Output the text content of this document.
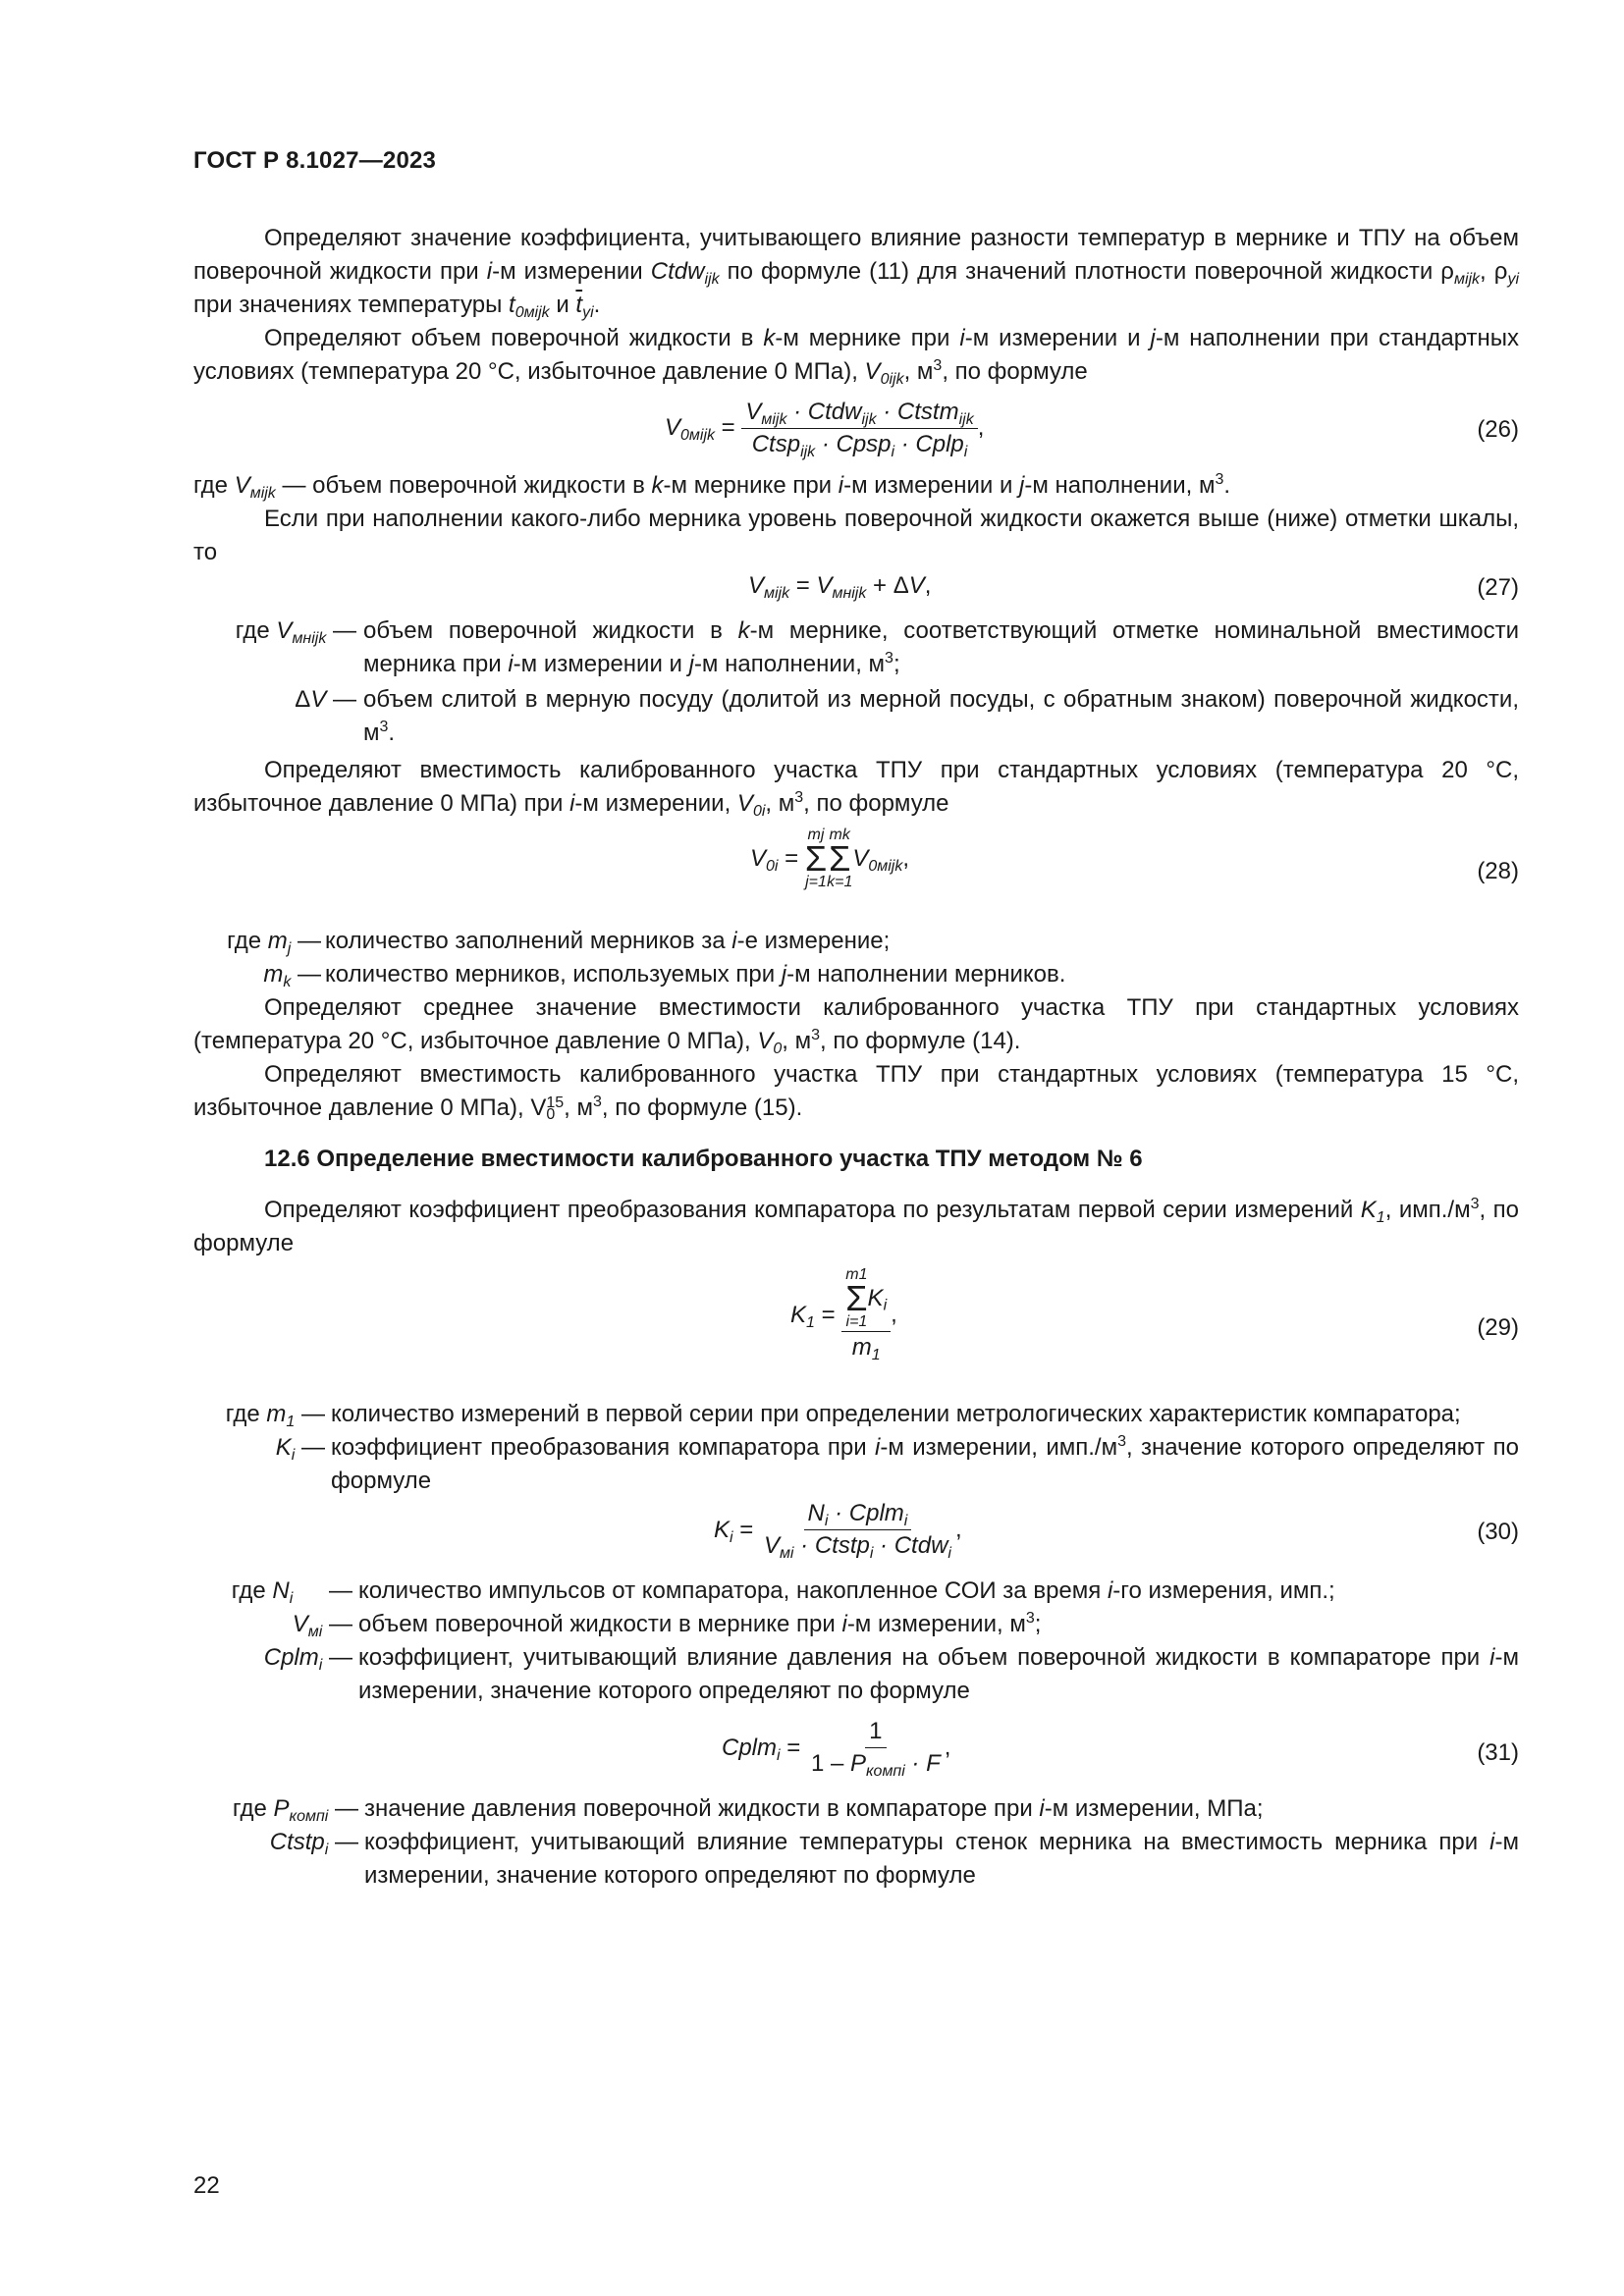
ГОСТ Р 8.1027—2023

Определяют значение коэффициента, учитывающего влияние разности температур в мернике и ТПУ на объем поверочной жидкости при i-м измерении Ctdw$_{ijk}$ по формуле (11) для значений плотности поверочной жидкости $\rho_{мijk}$, $\rho_{yi}$ при значениях температуры $t_{0мijk}$ и $\overline{t}_{yi}$.

Определяют объем поверочной жидкости в k-м мернике при i-м измерении и j-м наполнении при стандартных условиях (температура 20 °С, избыточное давление 0 МПа), $V_{0ijk}$, $м^3$, по формуле

$V_{0мijk} = \frac{V_{мijk} \cdot Ctdw_{ijk} \cdot Ctstm_{ijk}}{Ctsp_{ijk} \cdot Cpsp_i \cdot Cplp_i}$ ,	(26)

где $V_{мijk}$ — объем поверочной жидкости в k-м мернике при i-м измерении и j-м наполнении, $м^3$.

Если при наполнении какого-либо мерника уровень поверочной жидкости окажется выше (ниже) отметки шкалы, то

$V_{мijk} = V_{мнijk} + \Delta V$,	(27)
где $V_{мнijk}$ — объем поверочной жидкости в k-м мернике, соответствующий отметке номинальной вместимости мерника при i-м измерении и j-м наполнении, $м^3$;
ΔV — объем слитой в мерную посуду (долитой из мерной посуды, с обратным знаком) поверочной жидкости, $м^3$.

Определяют вместимость калиброванного участка ТПУ при стандартных условиях (температура 20 °С, избыточное давление 0 МПа) при i-м измерении, $V_{0i}$, $м^3$, по формуле

$V_{0i}$ =
mj
Σ
j=1
mk
Σ
k=1
$V_{0мijk}$,	(28)
где $m_j$ — количество заполнений мерников за i-е измерение;
$m_k$ — количество мерников, используемых при j-м наполнении мерников.

Определяют среднее значение вместимости калиброванного участка ТПУ при стандартных условиях (температура 20 °С, избыточное давление 0 МПа), $V_0$, $м^3$, по формуле (14).

Определяют вместимость калиброванного участка ТПУ при стандартных условиях (температура 15 °С, избыточное давление 0 МПа), V 15
0 , $м^3$, по формуле (15).

12.6 Определение вместимости калиброванного участка ТПУ методом № 6

Определяют коэффициент преобразования компаратора по результатам первой серии измерений $K_1$, $имп./м^3$, по формуле

$K_1 = m1$
Σ
i=1
$K_i$
$m_1$ ,	(29)
где $m_1$ — количество измерений в первой серии при определении метрологических характеристик компаратора;
$K_i$ — коэффициент преобразования компаратора при i-м измерении, $имп./м^3$, значение которого определяют по формуле
$K_i = \frac{N_i \cdot Cplm_i}{V_{мi} \cdot Ctstp_i \cdot Ctdw_i}$ ,	(30)
где $N_i$ — количество импульсов от компаратора, накопленное СОИ за время i-го измерения, имп.;
$V_{мi}$ — объем поверочной жидкости в мернике при i-м измерении, $м^3$;
Cplm$_i$ — коэффициент, учитывающий влияние давления на объем поверочной жидкости в компараторе при i-м измерении, значение которого определяют по формуле
Cplm$_i$ = $\frac{1}{1 - P_{компi} \cdot F}$ ,	(31)
где $P_{компi}$ — значение давления поверочной жидкости в компараторе при i-м измерении, МПа;
Ctstp$_i$ — коэффициент, учитывающий влияние температуры стенок мерника на вместимость мерника при i-м измерении, значение которого определяют по формуле
22
